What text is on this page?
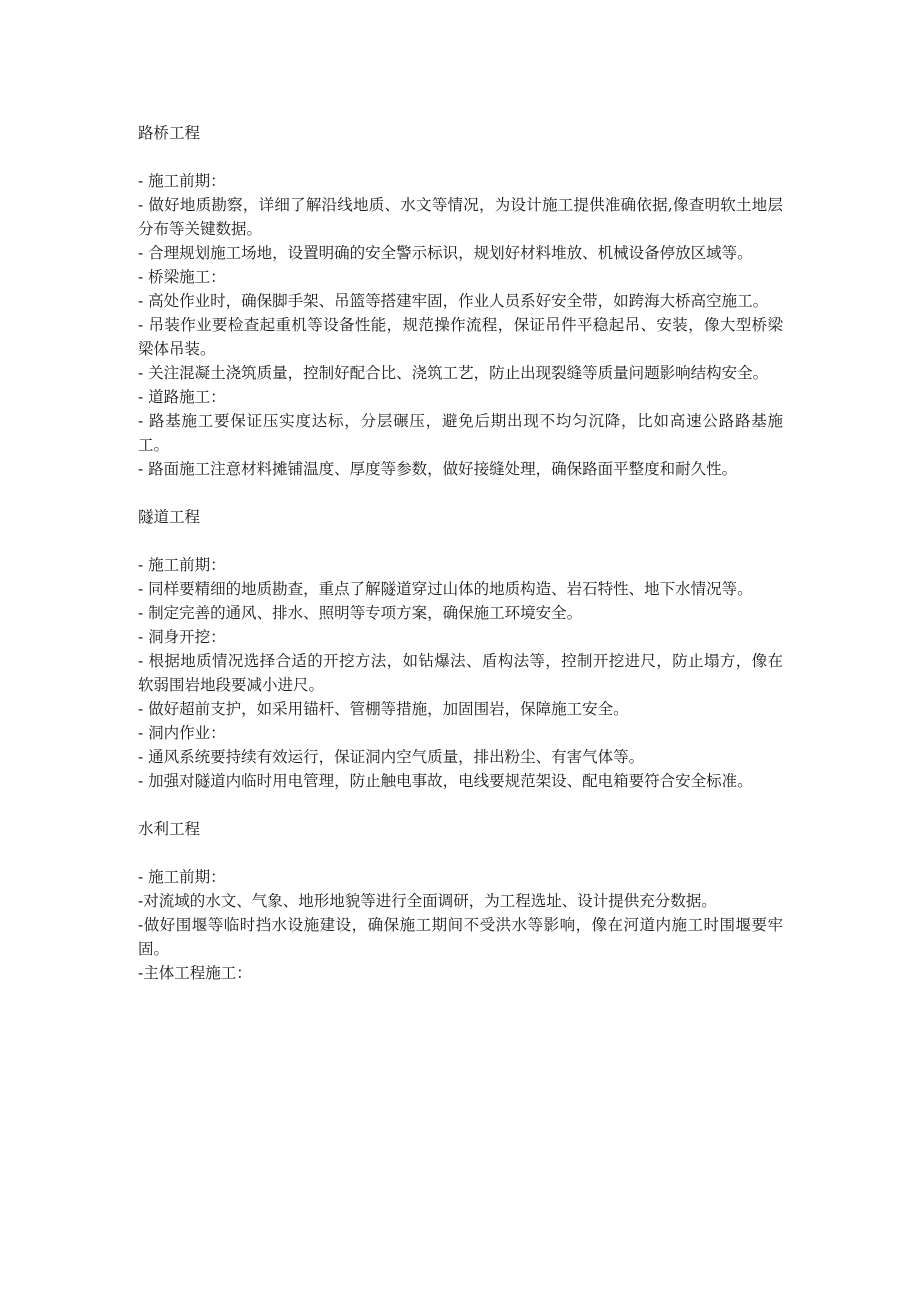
路桥工程
- 施工前期：
- 做好地质勘察，详细了解沿线地质、水文等情况，为设计施工提供准确依据,像查明软土地层分布等关键数据。
- 合理规划施工场地，设置明确的安全警示标识，规划好材料堆放、机械设备停放区域等。
- 桥梁施工：
- 高处作业时，确保脚手架、吊篮等搭建牢固，作业人员系好安全带，如跨海大桥高空施工。
- 吊装作业要检查起重机等设备性能，规范操作流程，保证吊件平稳起吊、安装，像大型桥梁梁体吊装。
- 关注混凝土浇筑质量，控制好配合比、浇筑工艺，防止出现裂缝等质量问题影响结构安全。
- 道路施工：
- 路基施工要保证压实度达标，分层碾压，避免后期出现不均匀沉降，比如高速公路路基施工。
- 路面施工注意材料摊铺温度、厚度等参数，做好接缝处理，确保路面平整度和耐久性。
隧道工程
- 施工前期：
- 同样要精细的地质勘查，重点了解隧道穿过山体的地质构造、岩石特性、地下水情况等。
- 制定完善的通风、排水、照明等专项方案，确保施工环境安全。
- 洞身开挖：
- 根据地质情况选择合适的开挖方法，如钻爆法、盾构法等，控制开挖进尺，防止塌方，像在软弱围岩地段要减小进尺。
- 做好超前支护，如采用锚杆、管棚等措施，加固围岩，保障施工安全。
- 洞内作业：
- 通风系统要持续有效运行，保证洞内空气质量，排出粉尘、有害气体等。
- 加强对隧道内临时用电管理，防止触电事故，电线要规范架设、配电箱要符合安全标准。
水利工程
- 施工前期：
-对流域的水文、气象、地形地貌等进行全面调研，为工程选址、设计提供充分数据。
-做好围堰等临时挡水设施建设，确保施工期间不受洪水等影响，像在河道内施工时围堰要牢固。
-主体工程施工：
